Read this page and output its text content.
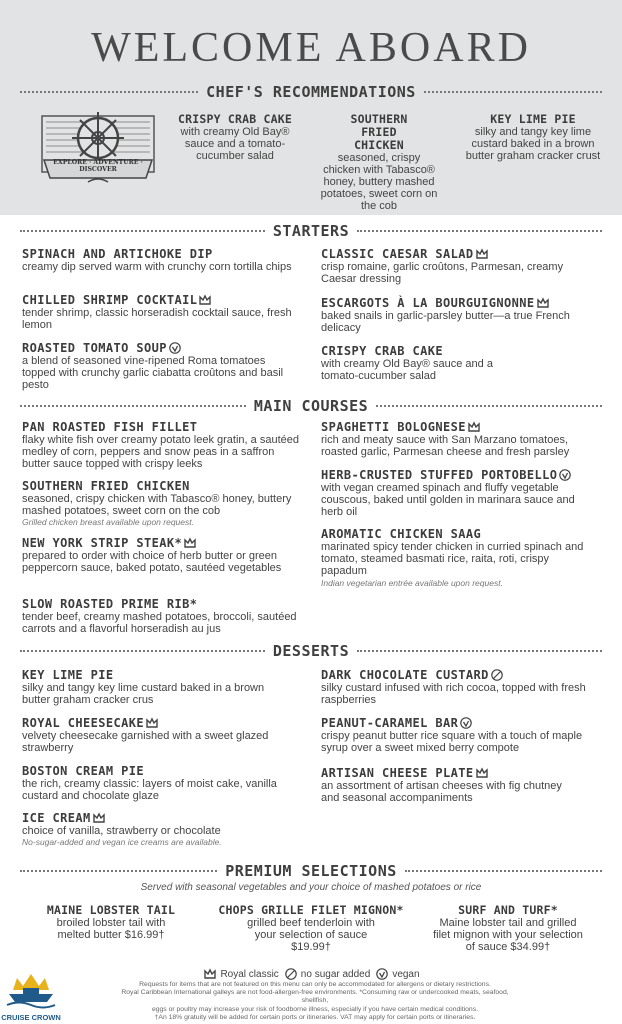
WELCOME ABOARD
CHEF'S RECOMMENDATIONS
EXPLORE · ADVENTURE · DISCOVER
CRISPY CRAB CAKE
with creamy Old Bay® sauce and a tomato-cucumber salad
SOUTHERN FRIED CHICKEN
seasoned, crispy chicken with Tabasco® honey, buttery mashed potatoes, sweet corn on the cob
KEY LIME PIE
silky and tangy key lime custard baked in a brown butter graham cracker crust
STARTERS
SPINACH AND ARTICHOKE DIP
creamy dip served warm with crunchy corn tortilla chips
CHILLED SHRIMP COCKTAIL
tender shrimp, classic horseradish cocktail sauce, fresh lemon
ROASTED TOMATO SOUP
a blend of seasoned vine-ripened Roma tomatoes topped with crunchy garlic ciabatta croûtons and basil pesto
CLASSIC CAESAR SALAD
crisp romaine, garlic croûtons, Parmesan, creamy Caesar dressing
ESCARGOTS À LA BOURGUIGNONNE
baked snails in garlic-parsley butter—a true French delicacy
CRISPY CRAB CAKE
with creamy Old Bay® sauce and a tomato-cucumber salad
MAIN COURSES
PAN ROASTED FISH FILLET
flaky white fish over creamy potato leek gratin, a sautéed medley of corn, peppers and snow peas in a saffron butter sauce topped with crispy leeks
SOUTHERN FRIED CHICKEN
seasoned, crispy chicken with Tabasco® honey, buttery mashed potatoes, sweet corn on the cob
Grilled chicken breast available upon request.
NEW YORK STRIP STEAK*
prepared to order with choice of herb butter or green peppercorn sauce, baked potato, sautéed vegetables
SLOW ROASTED PRIME RIB*
tender beef, creamy mashed potatoes, broccoli, sautéed carrots and a flavorful horseradish au jus
SPAGHETTI BOLOGNESE
rich and meaty sauce with San Marzano tomatoes, roasted garlic, Parmesan cheese and fresh parsley
HERB-CRUSTED STUFFED PORTOBELLO
with vegan creamed spinach and fluffy vegetable couscous, baked until golden in marinara sauce and herb oil
AROMATIC CHICKEN SAAG
marinated spicy tender chicken in curried spinach and tomato, steamed basmati rice, raita, roti, crispy papadum
Indian vegetarian entrée available upon request.
DESSERTS
KEY LIME PIE
silky and tangy key lime custard baked in a brown butter graham cracker crus
ROYAL CHEESECAKE
velvety cheesecake garnished with a sweet glazed strawberry
BOSTON CREAM PIE
the rich, creamy classic: layers of moist cake, vanilla custard and chocolate glaze
ICE CREAM
choice of vanilla, strawberry or chocolate
No-sugar-added and vegan ice creams are available.
DARK CHOCOLATE CUSTARD
silky custard infused with rich cocoa, topped with fresh raspberries
PEANUT-CARAMEL BAR
crispy peanut butter rice square with a touch of maple syrup over a sweet mixed berry compote
ARTISAN CHEESE PLATE
an assortment of artisan cheeses with fig chutney and seasonal accompaniments
PREMIUM SELECTIONS
Served with seasonal vegetables and your choice of mashed potatoes or rice
MAINE LOBSTER TAIL
broiled lobster tail with melted butter $16.99†
CHOPS GRILLE FILET MIGNON*
grilled beef tenderloin with your selection of sauce $19.99†
SURF AND TURF*
Maine lobster tail and grilled filet mignon with your selection of sauce $34.99†
Royal classic no sugar added vegan
Requests for items that are not featured on this menu can only be accommodated for allergens or dietary restrictions.
Royal Caribbean International galleys are not food-allergen-free environments. *Consuming raw or undercooked meats, seafood, shellfish,
eggs or poultry may increase your risk of foodborne illness, especially if you have certain medical conditions.
†An 18% gratuity will be added for certain ports or itineraries. VAT may apply for certain ports or itineraries.
CRUISE CROWN
